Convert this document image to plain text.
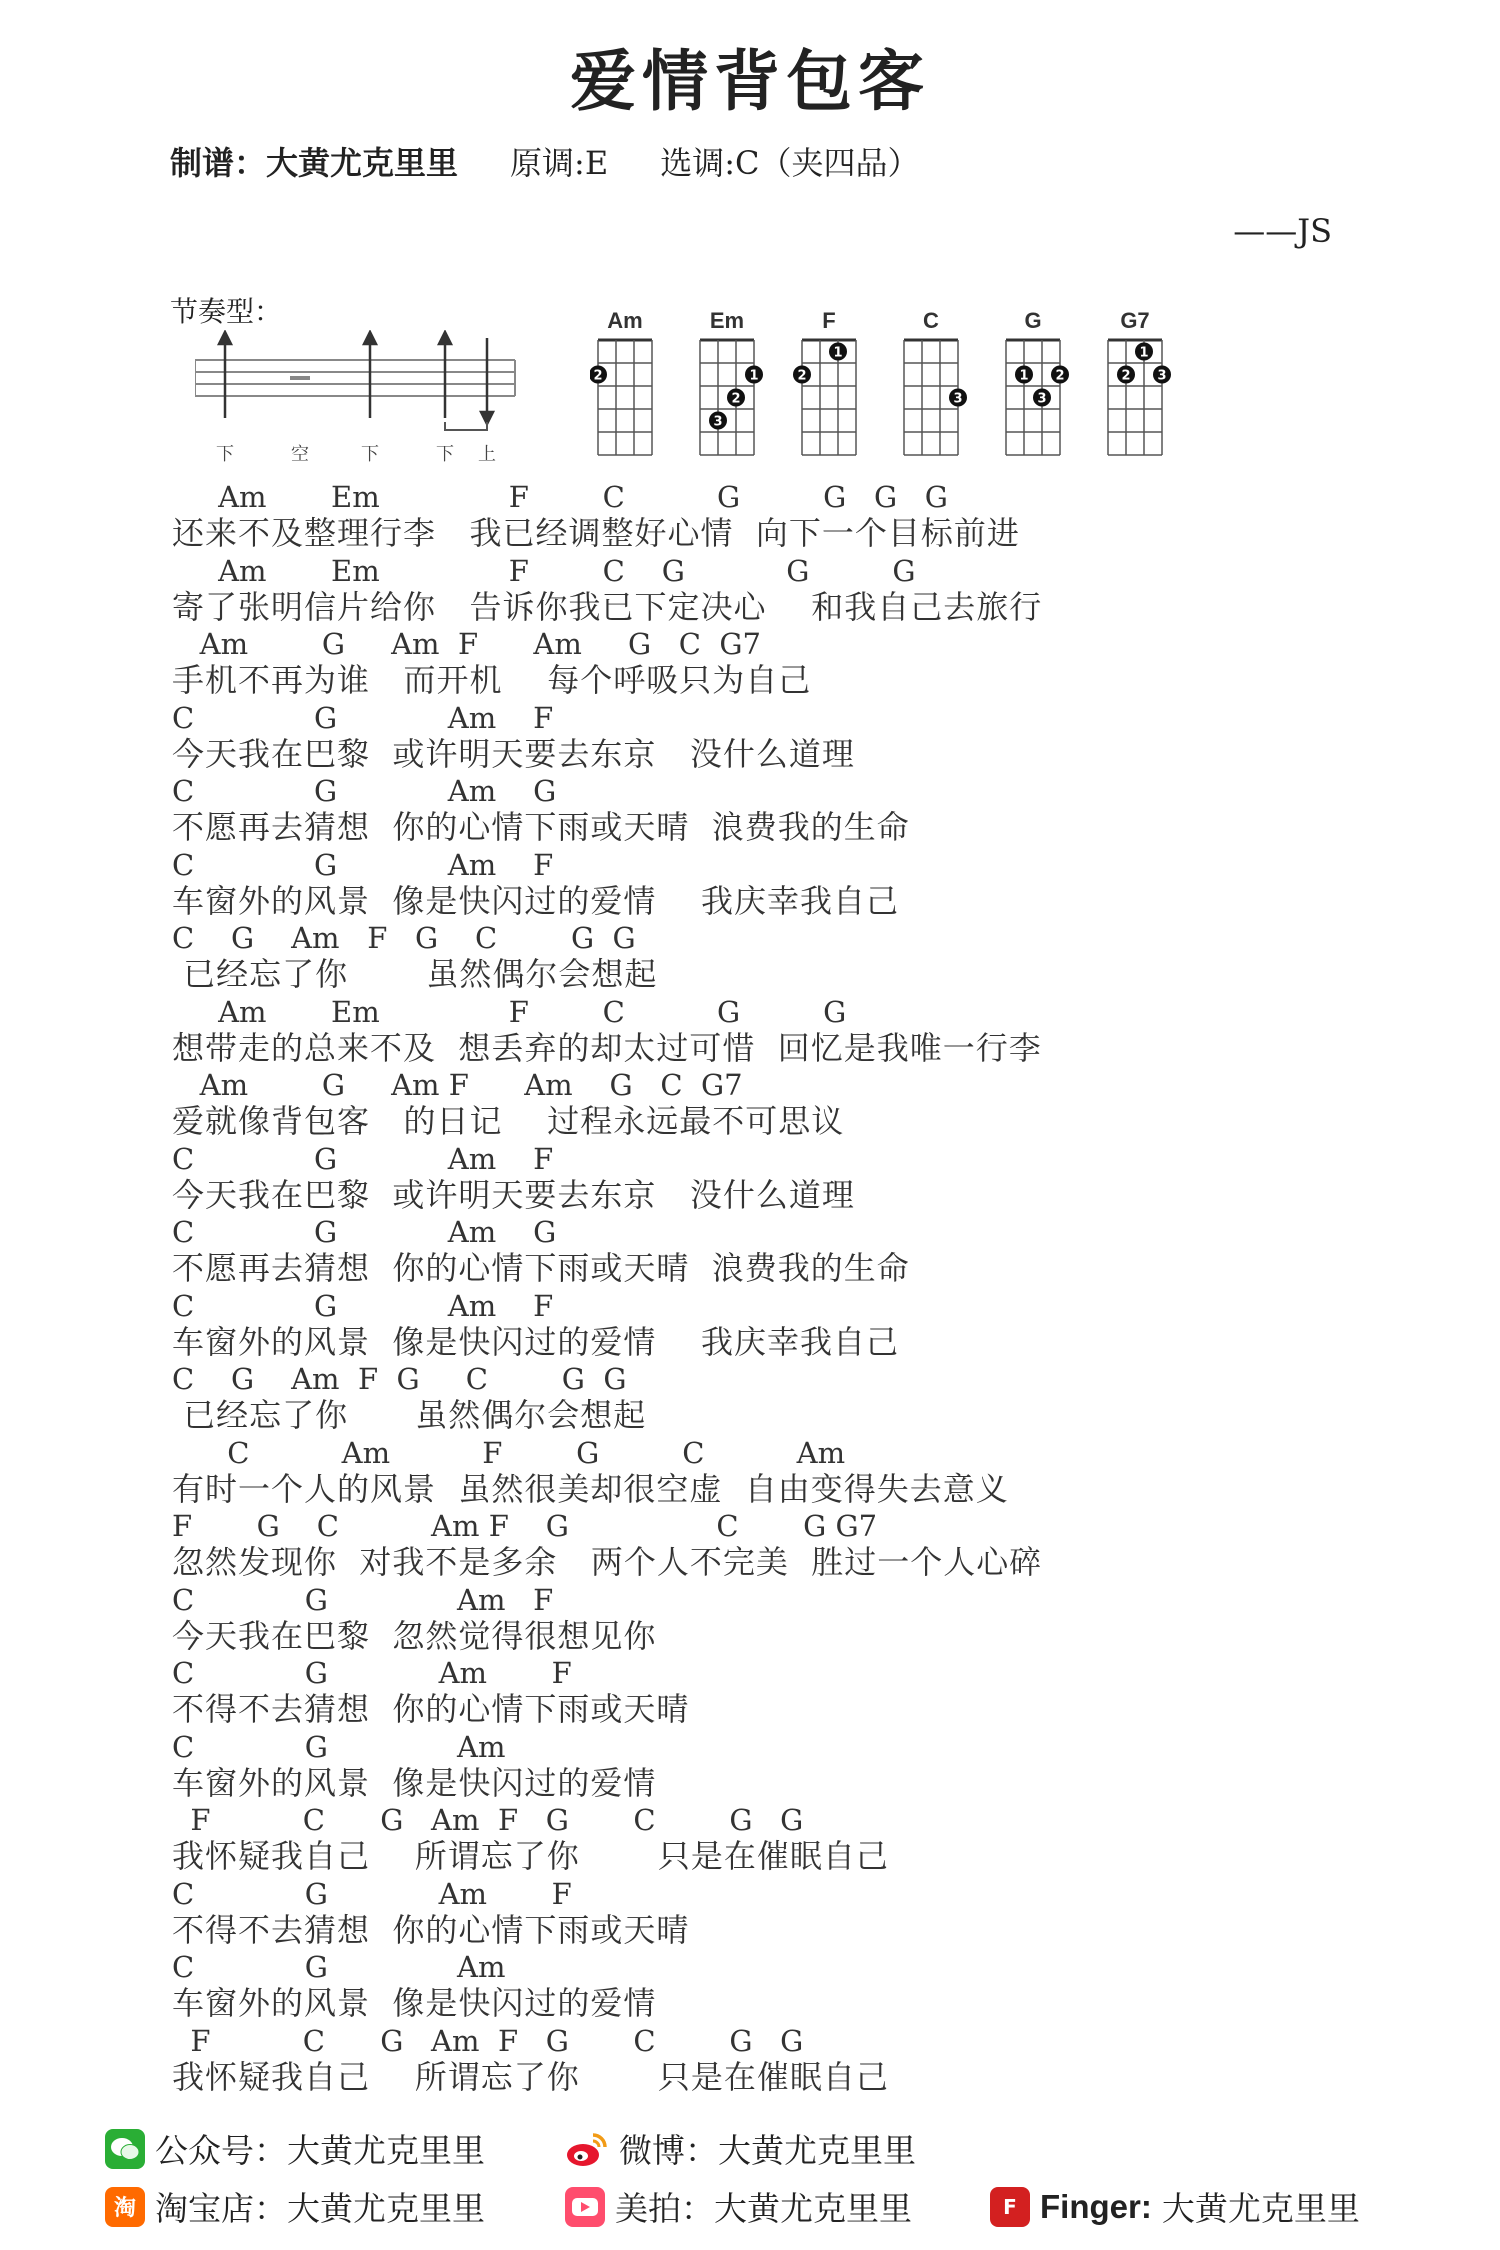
爱情背包客
制谱：大黄尤克里里 原调:E 选调:C（夹四品）
——JS
节奏型：
下	空	下	下 上
Am
2
Em
3
2
1
F
2
1
C
3
G
1
3
2
G7
2
1
3
Am       Em              F        C          G         G   G   G
还来不及整理行李   我已经调整好心情  向下一个目标前进
Am       Em              F        C    G           G         G
寄了张明信片给你   告诉你我已下定决心    和我自己去旅行
Am        G     Am  F      Am     G   C  G7
手机不再为谁   而开机    每个呼吸只为自己
C             G            Am    F
今天我在巴黎  或许明天要去东京   没什么道理
C             G            Am    G
不愿再去猜想  你的心情下雨或天晴  浪费我的生命
C             G            Am    F
车窗外的风景  像是快闪过的爱情    我庆幸我自己
C    G    Am   F   G    C        G  G
已经忘了你       虽然偶尔会想起
Am       Em              F        C          G         G
想带走的总来不及  想丢弃的却太过可惜  回忆是我唯一行李
Am        G     Am F      Am    G   C  G7
爱就像背包客   的日记    过程永远最不可思议
C             G            Am    F
今天我在巴黎  或许明天要去东京   没什么道理
C             G            Am    G
不愿再去猜想  你的心情下雨或天晴  浪费我的生命
C             G            Am    F
车窗外的风景  像是快闪过的爱情    我庆幸我自己
C    G    Am  F  G     C        G  G
已经忘了你      虽然偶尔会想起
C          Am          F        G         C          Am
有时一个人的风景  虽然很美却很空虚  自由变得失去意义
F       G    C          Am F    G                C       G G7
忽然发现你  对我不是多余   两个人不完美  胜过一个人心碎
C            G              Am   F
今天我在巴黎  忽然觉得很想见你
C            G            Am       F
不得不去猜想  你的心情下雨或天晴
C            G              Am
车窗外的风景  像是快闪过的爱情
F          C      G   Am  F   G       C        G   G
我怀疑我自己    所谓忘了你       只是在催眠自己
C            G            Am       F
不得不去猜想  你的心情下雨或天晴
C            G              Am
车窗外的风景  像是快闪过的爱情
F          C      G   Am  F   G       C        G   G
我怀疑我自己    所谓忘了你       只是在催眠自己
公众号：大黄尤克里里	微博：大黄尤克里里
淘 淘宝店：大黄尤克里里	美拍：大黄尤克里里	F Finger: 大黄尤克里里
